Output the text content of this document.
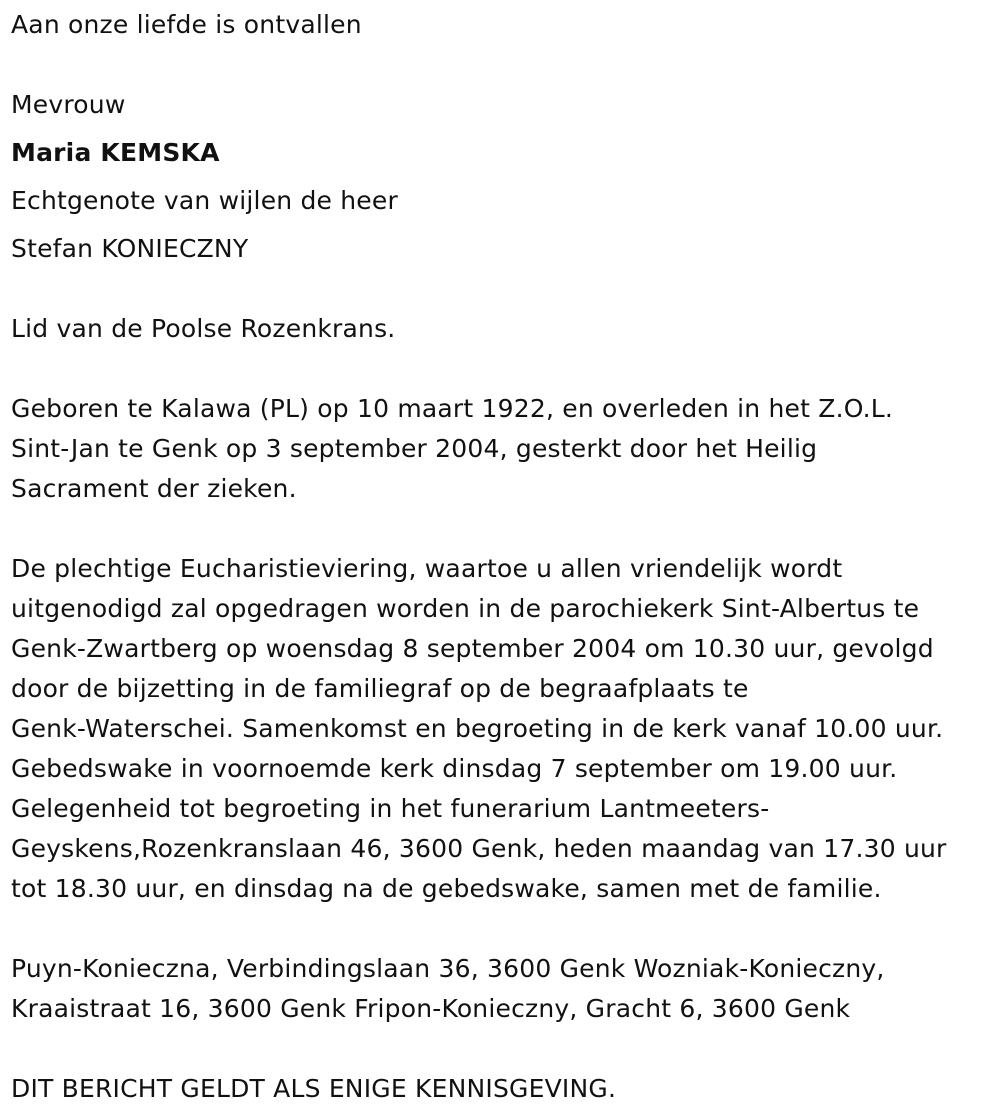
Aan onze liefde is ontvallen
Mevrouw
Maria KEMSKA
Echtgenote van wijlen de heer
Stefan KONIECZNY
Lid van de Poolse Rozenkrans.
Geboren te Kalawa (PL) op 10 maart 1922, en overleden in het Z.O.L.
Sint-Jan te Genk op 3 september 2004, gesterkt door het Heilig
Sacrament der zieken.
De plechtige Eucharistieviering, waartoe u allen vriendelijk wordt
uitgenodigd zal opgedragen worden in de parochiekerk Sint-Albertus te
Genk-Zwartberg op woensdag 8 september 2004 om 10.30 uur, gevolgd
door de bijzetting in de familiegraf op de begraafplaats te
Genk-Waterschei. Samenkomst en begroeting in de kerk vanaf 10.00 uur.
Gebedswake in voornoemde kerk dinsdag 7 september om 19.00 uur.
Gelegenheid tot begroeting in het funerarium Lantmeeters-
Geyskens,Rozenkranslaan 46, 3600 Genk, heden maandag van 17.30 uur
tot 18.30 uur, en dinsdag na de gebedswake, samen met de familie.
Puyn-Konieczna, Verbindingslaan 36, 3600 Genk Wozniak-Konieczny,
Kraaistraat 16, 3600 Genk Fripon-Konieczny, Gracht 6, 3600 Genk
DIT BERICHT GELDT ALS ENIGE KENNISGEVING.
